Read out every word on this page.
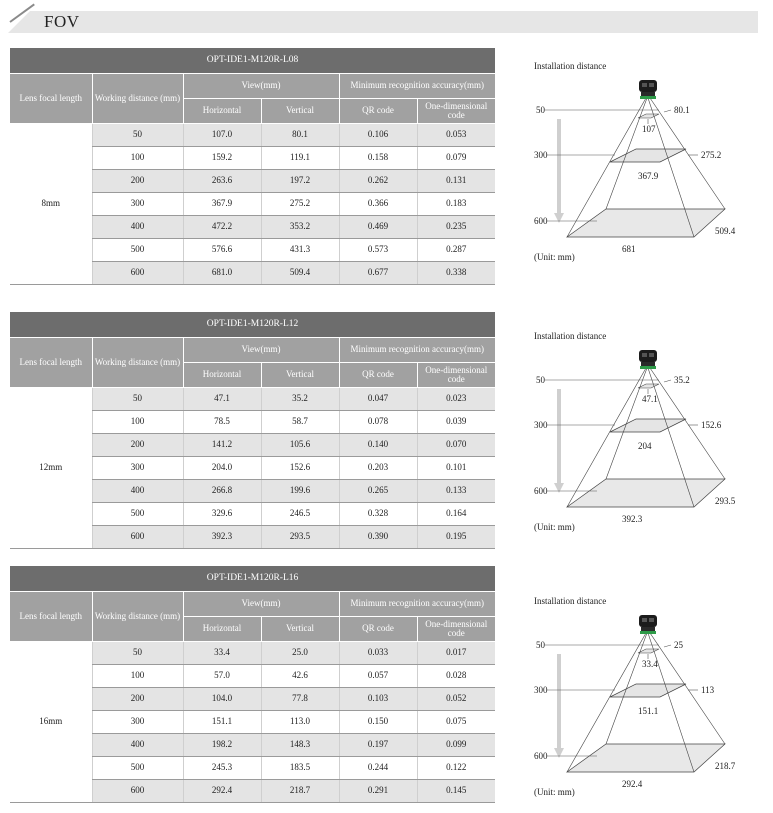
FOV
OPT-IDE1-M120R-L08					
Lens focal length	Working distance (mm)	View(mm)		Minimum recognition accuracy(mm)	
		Horizontal	Vertical	QR code	One-dimensional code
8mm	50	107.0	80.1	0.106	0.053
	100	159.2	119.1	0.158	0.079
	200	263.6	197.2	0.262	0.131
	300	367.9	275.2	0.366	0.183
	400	472.2	353.2	0.469	0.235
	500	576.6	431.3	0.573	0.287
	600	681.0	509.4	0.677	0.338
OPT-IDE1-M120R-L12					
Lens focal length	Working distance (mm)	View(mm)		Minimum recognition accuracy(mm)	
		Horizontal	Vertical	QR code	One-dimensional code
12mm	50	47.1	35.2	0.047	0.023
	100	78.5	58.7	0.078	0.039
	200	141.2	105.6	0.140	0.070
	300	204.0	152.6	0.203	0.101
	400	266.8	199.6	0.265	0.133
	500	329.6	246.5	0.328	0.164
	600	392.3	293.5	0.390	0.195
OPT-IDE1-M120R-L16					
Lens focal length	Working distance (mm)	View(mm)		Minimum recognition accuracy(mm)	
		Horizontal	Vertical	QR code	One-dimensional code
16mm	50	33.4	25.0	0.033	0.017
	100	57.0	42.6	0.057	0.028
	200	104.0	77.8	0.103	0.052
	300	151.1	113.0	0.150	0.075
	400	198.2	148.3	0.197	0.099
	500	245.3	183.5	0.244	0.122
	600	292.4	218.7	0.291	0.145
Installation distance
50
300
600
80.1
107
275.2
367.9
509.4
681
(Unit: mm)
Installation distance
50
300
600
35.2
47.1
152.6
204
293.5
392.3
(Unit: mm)
Installation distance
50
300
600
25
33.4
113
151.1
218.7
292.4
(Unit: mm)
